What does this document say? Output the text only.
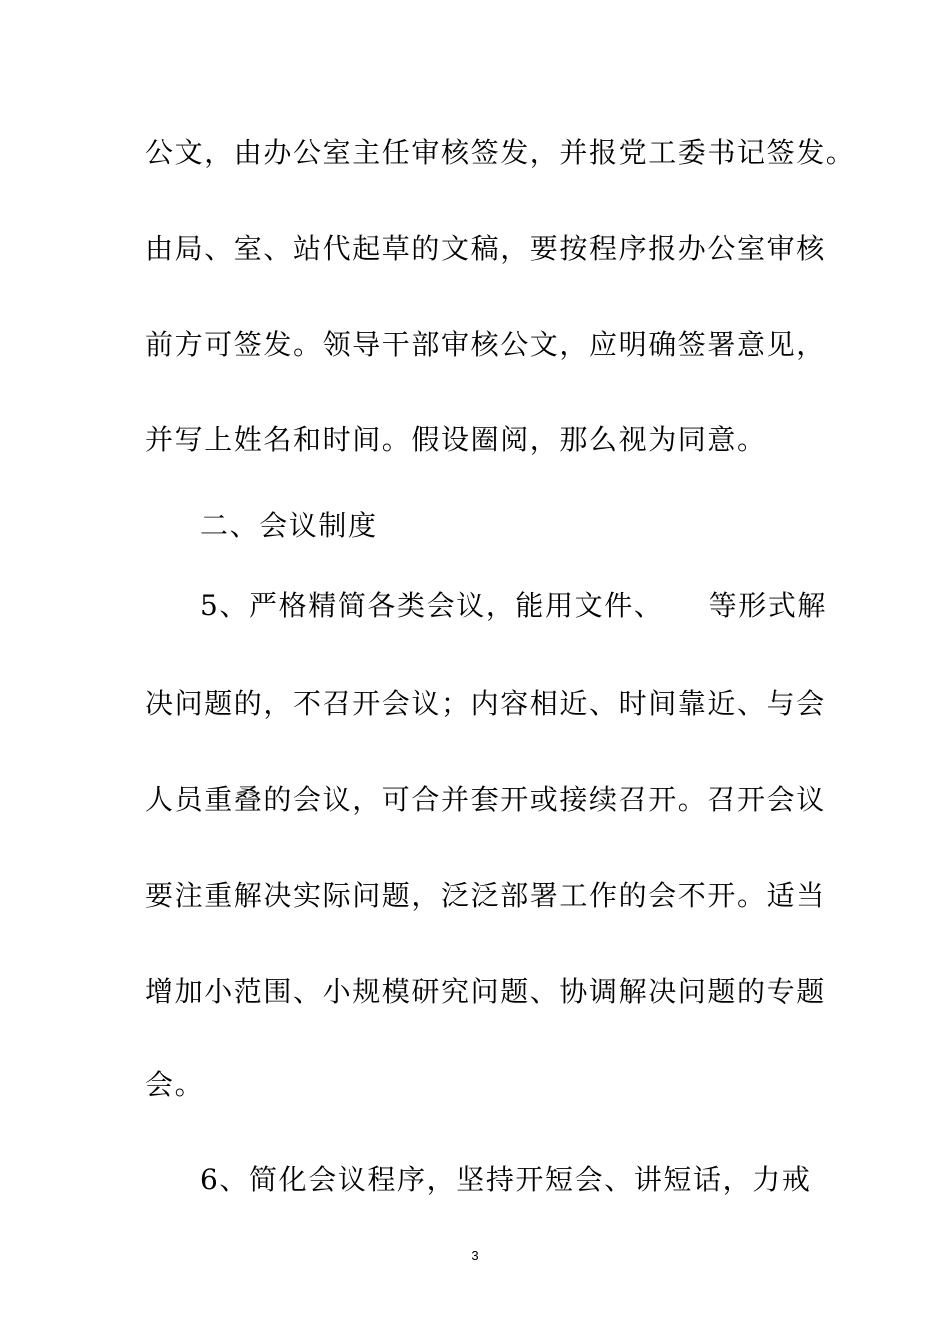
公文，由办公室主任审核签发，并报党工委书记签发。
由局、室、站代起草的文稿，要按程序报办公室审核
前方可签发。领导干部审核公文，应明确签署意见，
并写上姓名和时间。假设圈阅，那么视为同意。
二、会议制度
5、严格精简各类会议，能用文件、　　等形式解
决问题的，不召开会议；内容相近、时间靠近、与会
人员重叠的会议，可合并套开或接续召开。召开会议
要注重解决实际问题，泛泛部署工作的会不开。适当
增加小范围、小规模研究问题、协调解决问题的专题
会。
6、简化会议程序，坚持开短会、讲短话，力戒
3
